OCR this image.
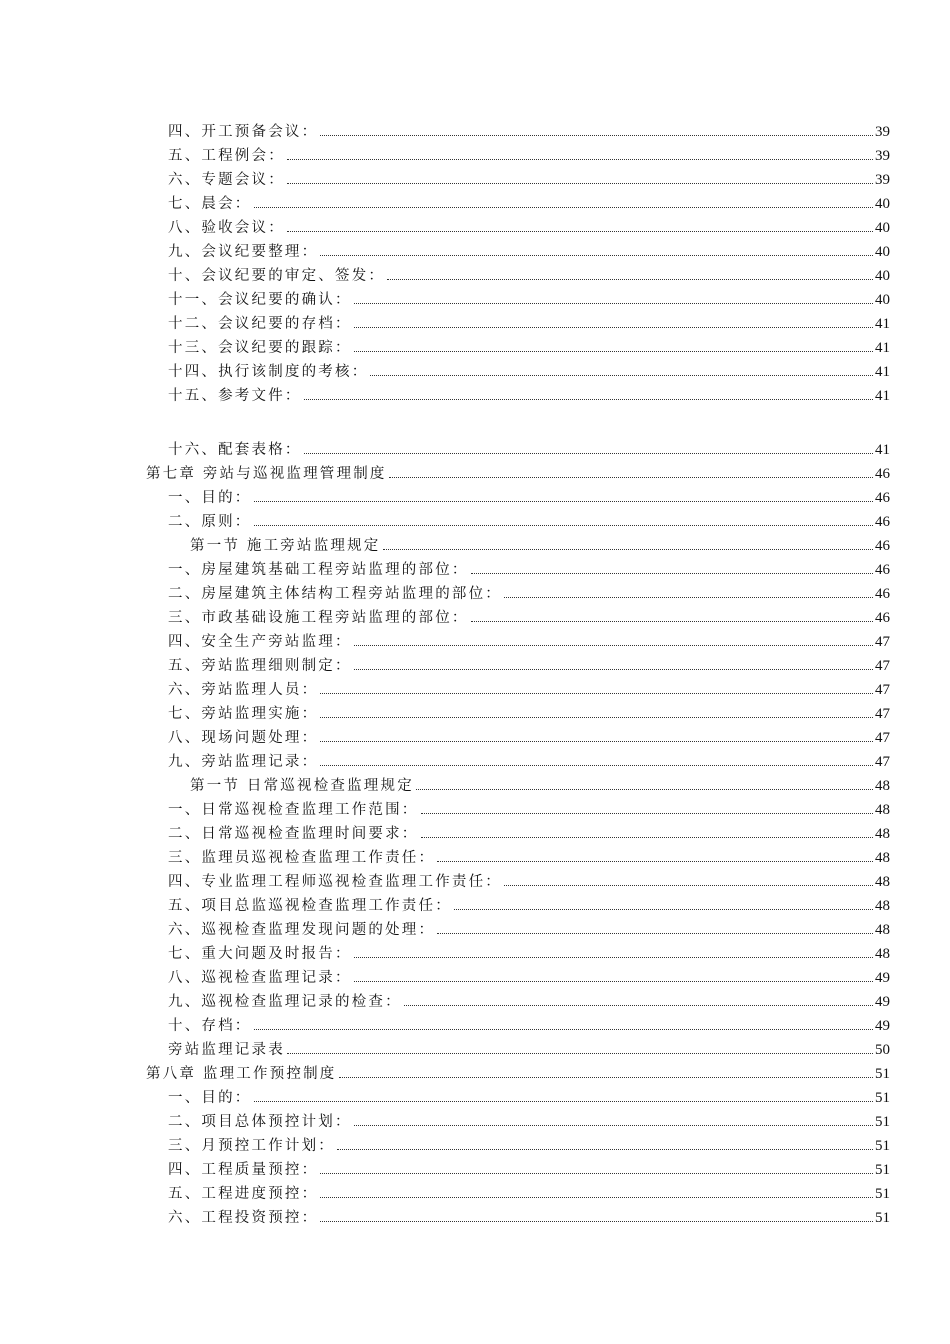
四、开工预备会议：	39
五、工程例会：	39
六、专题会议：	39
七、晨会：	40
八、验收会议：	40
九、会议纪要整理：	40
十、会议纪要的审定、签发：	40
十一、会议纪要的确认：	40
十二、会议纪要的存档：	41
十三、会议纪要的跟踪：	41
十四、执行该制度的考核：	41
十五、参考文件：	41
十六、配套表格：	41
第七章 旁站与巡视监理管理制度	46
一、目的：	46
二、原则：	46
第一节 施工旁站监理规定	46
一、房屋建筑基础工程旁站监理的部位：	46
二、房屋建筑主体结构工程旁站监理的部位：	46
三、市政基础设施工程旁站监理的部位：	46
四、安全生产旁站监理：	47
五、旁站监理细则制定：	47
六、旁站监理人员：	47
七、旁站监理实施：	47
八、现场问题处理：	47
九、旁站监理记录：	47
第一节 日常巡视检查监理规定	48
一、日常巡视检查监理工作范围：	48
二、日常巡视检查监理时间要求：	48
三、监理员巡视检查监理工作责任：	48
四、专业监理工程师巡视检查监理工作责任：	48
五、项目总监巡视检查监理工作责任：	48
六、巡视检查监理发现问题的处理：	48
七、重大问题及时报告：	48
八、巡视检查监理记录：	49
九、巡视检查监理记录的检查：	49
十、存档：	49
旁站监理记录表	50
第八章 监理工作预控制度	51
一、目的：	51
二、项目总体预控计划：	51
三、月预控工作计划：	51
四、工程质量预控：	51
五、工程进度预控：	51
六、工程投资预控：	51
